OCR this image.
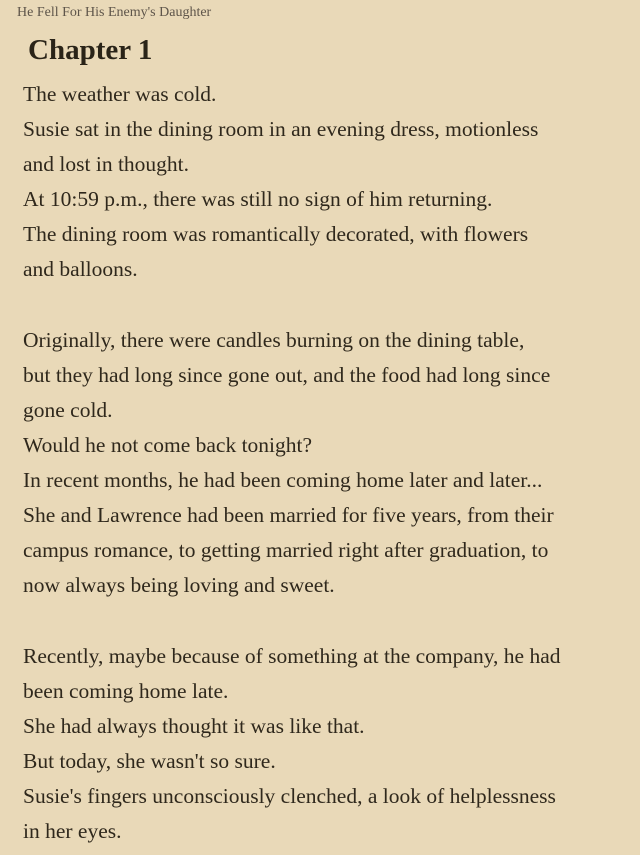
He Fell For His Enemy's Daughter
Chapter 1
The weather was cold.
Susie sat in the dining room in an evening dress, motionless
and lost in thought.
At 10:59 p.m., there was still no sign of him returning.
The dining room was romantically decorated, with flowers
and balloons.
Originally, there were candles burning on the dining table,
but they had long since gone out, and the food had long since
gone cold.
Would he not come back tonight?
In recent months, he had been coming home later and later...
She and Lawrence had been married for five years, from their
campus romance, to getting married right after graduation, to
now always being loving and sweet.
Recently, maybe because of something at the company, he had
been coming home late.
She had always thought it was like that.
But today, she wasn't so sure.
Susie's fingers unconsciously clenched, a look of helplessness
in her eyes.
